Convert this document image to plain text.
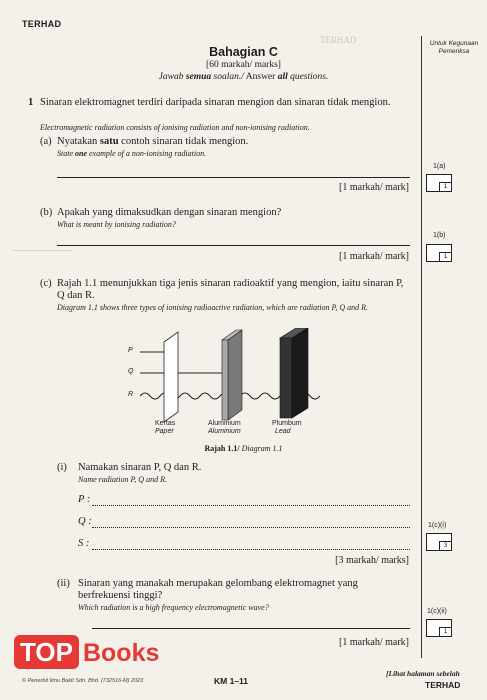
TERHAD
TERHAD
Untuk Kegunaan Pemeriksa
Bahagian C
[60 markah/ marks]
Jawab semua soalan./ Answer all questions.
1 Sinaran elektromagnet terdiri daripada sinaran mengion dan sinaran tidak mengion.
Electromagnetic radiation consists of ionising radiation and non-ionising radiation.
(a) Nyatakan satu contoh sinaran tidak mengion.
State one example of a non-ionising radiation.
[1 markah/ mark]
1(a)
1
(b) Apakah yang dimaksudkan dengan sinaran mengion?
What is meant by ionising radiation?
[1 markah/ mark]
1(b)
1
(c) Rajah 1.1 menunjukkan tiga jenis sinaran radioaktif yang mengion, iaitu sinaran P, Q dan R.
Diagram 1.1 shows three types of ionising radioactive radiation, which are radiation P, Q and R.
P
Q
R
Kertas
Paper
Aluminium
Aluminium
Plumbum
Lead
Rajah 1.1/ Diagram 1.1
(i) Namakan sinaran P, Q dan R.
Name radiation P, Q and R.
P :
Q :
S :
[3 markah/ marks]
1(c)(i)
3
(ii) Sinaran yang manakah merupakan gelombang elektromagnet yang berfrekuensi tinggi?
Which radiation is a high frequency electromagnetic wave?
[1 markah/ mark]
1(c)(ii)
1
TOP Books
© Penerbit Ilmu Bakti Sdn. Bhd. (732516-M) 2023	KM 1–11
[Lihat halaman sebelah
TERHAD
